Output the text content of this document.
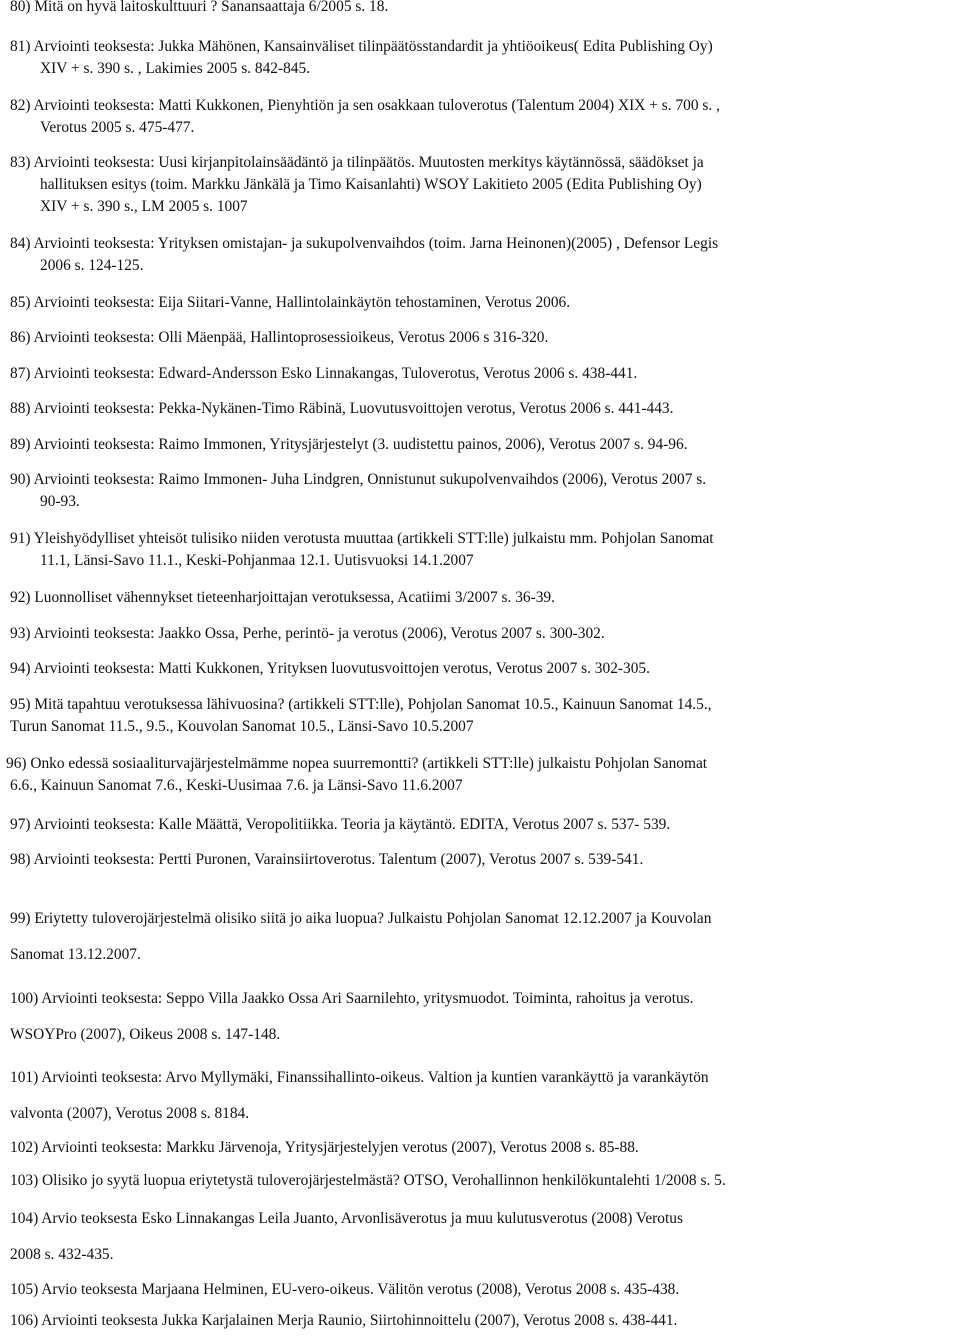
80) Mitä on hyvä laitoskulttuuri ? Sanansaattaja 6/2005 s. 18.
81) Arviointi teoksesta: Jukka Mähönen, Kansainväliset tilinpäätösstandardit ja yhtiöoikeus( Edita Publishing Oy)
XIV + s. 390 s. , Lakimies 2005 s. 842-845.
82) Arviointi teoksesta: Matti Kukkonen, Pienyhtiön ja sen osakkaan tuloverotus (Talentum 2004) XIX + s. 700 s. ,
Verotus 2005 s. 475-477.
83) Arviointi teoksesta: Uusi kirjanpitolainsäädäntö ja tilinpäätös. Muutosten merkitys käytännössä, säädökset ja
hallituksen esitys (toim. Markku Jänkälä ja Timo Kaisanlahti) WSOY Lakitieto 2005 (Edita Publishing Oy)
XIV + s. 390 s., LM 2005 s. 1007
84) Arviointi teoksesta: Yrityksen omistajan- ja sukupolvenvaihdos (toim. Jarna Heinonen)(2005) , Defensor Legis
2006 s. 124-125.
85) Arviointi teoksesta: Eija Siitari-Vanne, Hallintolainkäytön tehostaminen, Verotus 2006.
86) Arviointi teoksesta: Olli Mäenpää, Hallintoprosessioikeus, Verotus 2006 s 316-320.
87) Arviointi teoksesta: Edward-Andersson Esko Linnakangas, Tuloverotus, Verotus 2006 s. 438-441.
88) Arviointi teoksesta: Pekka-Nykänen-Timo Räbinä, Luovutusvoittojen verotus, Verotus 2006 s. 441-443.
89) Arviointi teoksesta: Raimo Immonen, Yritysjärjestelyt (3. uudistettu painos, 2006), Verotus 2007 s. 94-96.
90) Arviointi teoksesta: Raimo Immonen- Juha Lindgren, Onnistunut sukupolvenvaihdos (2006), Verotus 2007 s.
90-93.
91) Yleishyödylliset yhteisöt tulisiko niiden verotusta muuttaa (artikkeli STT:lle) julkaistu mm. Pohjolan Sanomat
11.1, Länsi-Savo 11.1., Keski-Pohjanmaa 12.1. Uutisvuoksi 14.1.2007
92) Luonnolliset vähennykset tieteenharjoittajan verotuksessa, Acatiimi 3/2007 s. 36-39.
93) Arviointi teoksesta: Jaakko Ossa, Perhe, perintö- ja verotus (2006), Verotus 2007 s. 300-302.
94) Arviointi teoksesta: Matti Kukkonen, Yrityksen luovutusvoittojen verotus, Verotus 2007 s. 302-305.
95) Mitä tapahtuu verotuksessa lähivuosina? (artikkeli STT:lle), Pohjolan Sanomat 10.5., Kainuun Sanomat 14.5.,
Turun Sanomat 11.5., 9.5., Kouvolan Sanomat 10.5., Länsi-Savo 10.5.2007
96) Onko edessä sosiaaliturvajärjestelmämme nopea suurremontti? (artikkeli STT:lle) julkaistu Pohjolan Sanomat
6.6., Kainuun Sanomat 7.6., Keski-Uusimaa 7.6. ja Länsi-Savo 11.6.2007
97) Arviointi teoksesta: Kalle Määttä, Veropolitiikka. Teoria ja käytäntö. EDITA, Verotus 2007 s. 537- 539.
98) Arviointi teoksesta: Pertti Puronen, Varainsiirtoverotus. Talentum (2007), Verotus 2007 s. 539-541.
99) Eriytetty tuloverojärjestelmä olisiko siitä jo aika luopua? Julkaistu Pohjolan Sanomat 12.12.2007 ja Kouvolan
Sanomat 13.12.2007.
100) Arviointi teoksesta: Seppo Villa Jaakko Ossa Ari Saarnilehto, yritysmuodot. Toiminta, rahoitus ja verotus.
WSOYPro (2007), Oikeus 2008 s. 147-148.
101) Arviointi teoksesta: Arvo Myllymäki, Finanssihallinto-oikeus. Valtion ja kuntien varankäyttö ja varankäytön
valvonta (2007), Verotus 2008 s. 8184.
102) Arviointi teoksesta: Markku Järvenoja, Yritysjärjestelyjen verotus (2007), Verotus 2008 s. 85-88.
103) Olisiko jo syytä luopua eriytetystä tuloverojärjestelmästä? OTSO, Verohallinnon henkilökuntalehti 1/2008 s. 5.
104) Arvio teoksesta Esko Linnakangas Leila Juanto, Arvonlisäverotus ja muu kulutusverotus (2008) Verotus
2008 s. 432-435.
105) Arvio teoksesta Marjaana Helminen, EU-vero-oikeus. Välitön verotus (2008), Verotus 2008 s. 435-438.
106) Arviointi teoksesta Jukka Karjalainen Merja Raunio, Siirtohinnoittelu (2007), Verotus 2008 s. 438-441.
